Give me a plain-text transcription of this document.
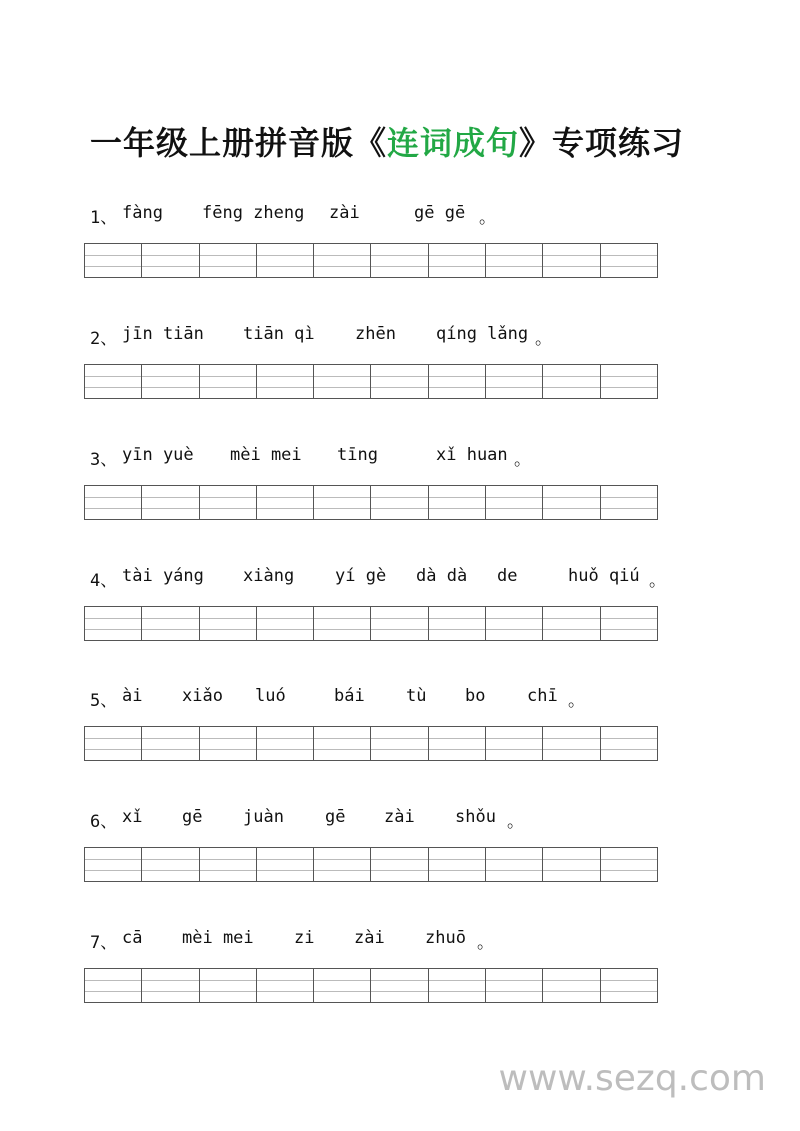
一年级上册拼音版《连词成句》专项练习
1、 fàng fēng zheng zài	gē gē 。
2、 jīn tiān tiān qì zhēn qíng lǎng 。
3、 yīn yuè mèi mei tīng	xǐ huan 。
4、 tài yáng xiàng yí gè dà dà de	huǒ qiú 。
5、 ài xiǎo luó	bái tù bo chī 。
6、 xǐ gē juàn gē zài shǒu 。
7、 cā mèi mei zi zài zhuō 。
www.sezq.com
